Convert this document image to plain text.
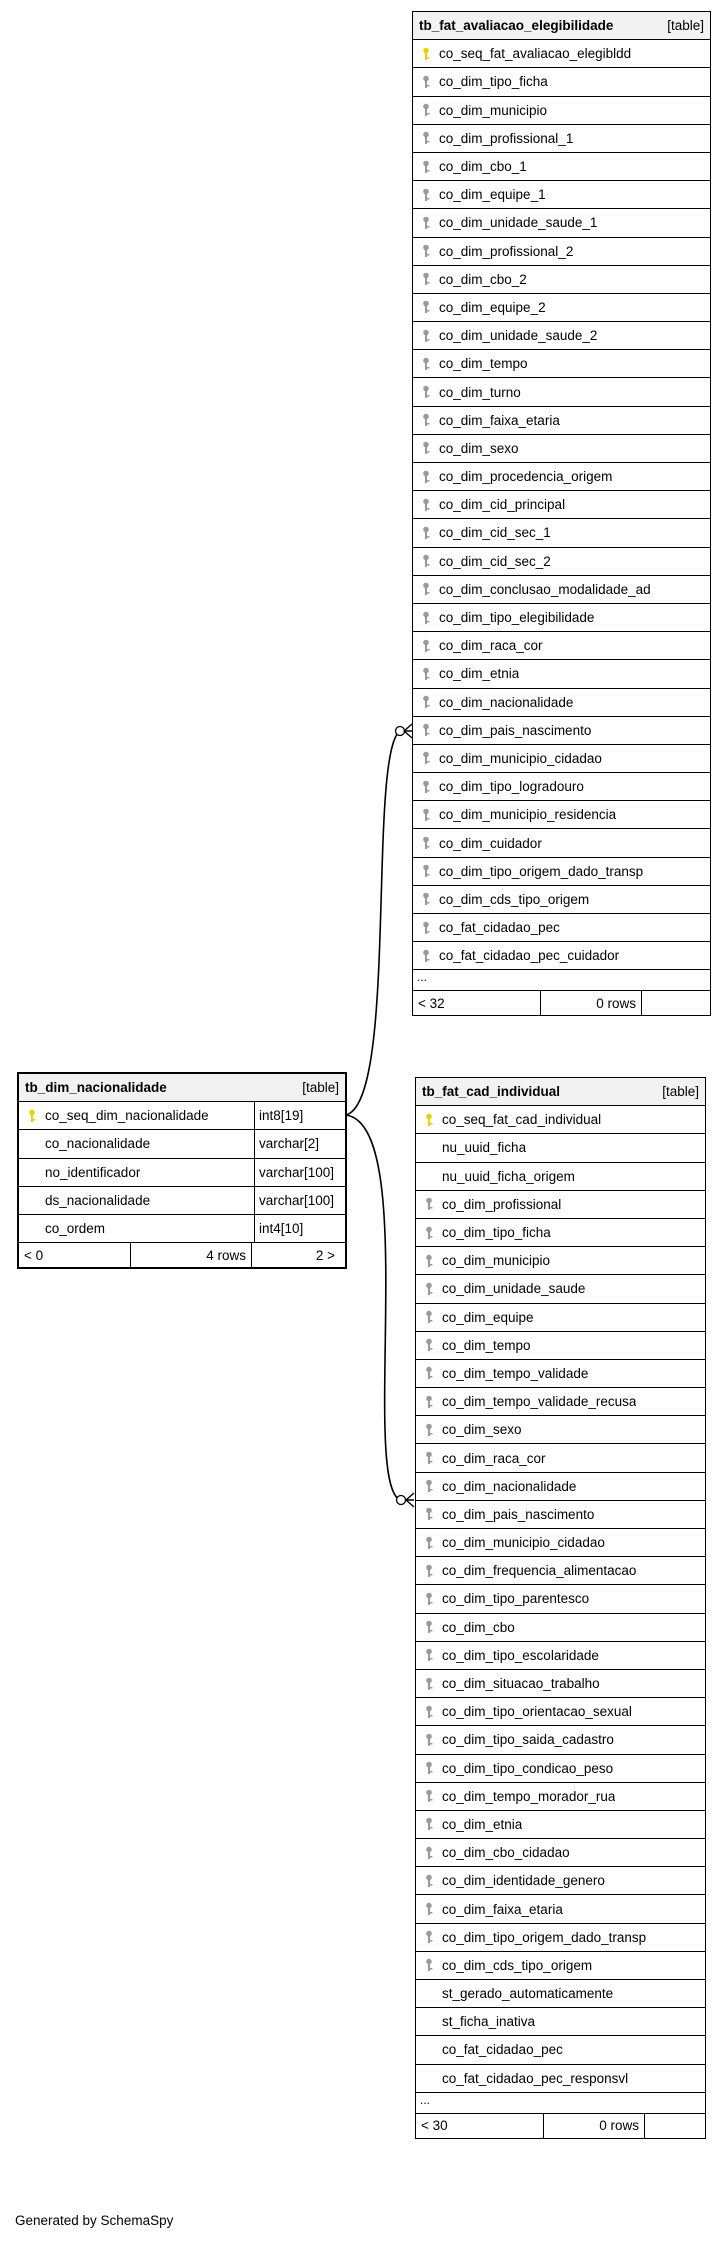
tb_fat_avaliacao_elegibilidade	[table]
co_seq_fat_avaliacao_elegibldd
co_dim_tipo_ficha
co_dim_municipio
co_dim_profissional_1
co_dim_cbo_1
co_dim_equipe_1
co_dim_unidade_saude_1
co_dim_profissional_2
co_dim_cbo_2
co_dim_equipe_2
co_dim_unidade_saude_2
co_dim_tempo
co_dim_turno
co_dim_faixa_etaria
co_dim_sexo
co_dim_procedencia_origem
co_dim_cid_principal
co_dim_cid_sec_1
co_dim_cid_sec_2
co_dim_conclusao_modalidade_ad
co_dim_tipo_elegibilidade
co_dim_raca_cor
co_dim_etnia
co_dim_nacionalidade
co_dim_pais_nascimento
co_dim_municipio_cidadao
co_dim_tipo_logradouro
co_dim_municipio_residencia
co_dim_cuidador
co_dim_tipo_origem_dado_transp
co_dim_cds_tipo_origem
co_fat_cidadao_pec
co_fat_cidadao_pec_cuidador
...
< 32	0 rows
tb_dim_nacionalidade	[table]
co_seq_dim_nacionalidade	int8[19]
co_nacionalidade	varchar[2]
no_identificador	varchar[100]
ds_nacionalidade	varchar[100]
co_ordem	int4[10]
< 0	4 rows	2 >
tb_fat_cad_individual	[table]
co_seq_fat_cad_individual
nu_uuid_ficha
nu_uuid_ficha_origem
co_dim_profissional
co_dim_tipo_ficha
co_dim_municipio
co_dim_unidade_saude
co_dim_equipe
co_dim_tempo
co_dim_tempo_validade
co_dim_tempo_validade_recusa
co_dim_sexo
co_dim_raca_cor
co_dim_nacionalidade
co_dim_pais_nascimento
co_dim_municipio_cidadao
co_dim_frequencia_alimentacao
co_dim_tipo_parentesco
co_dim_cbo
co_dim_tipo_escolaridade
co_dim_situacao_trabalho
co_dim_tipo_orientacao_sexual
co_dim_tipo_saida_cadastro
co_dim_tipo_condicao_peso
co_dim_tempo_morador_rua
co_dim_etnia
co_dim_cbo_cidadao
co_dim_identidade_genero
co_dim_faixa_etaria
co_dim_tipo_origem_dado_transp
co_dim_cds_tipo_origem
st_gerado_automaticamente
st_ficha_inativa
co_fat_cidadao_pec
co_fat_cidadao_pec_responsvl
...
< 30	0 rows
Generated by SchemaSpy
